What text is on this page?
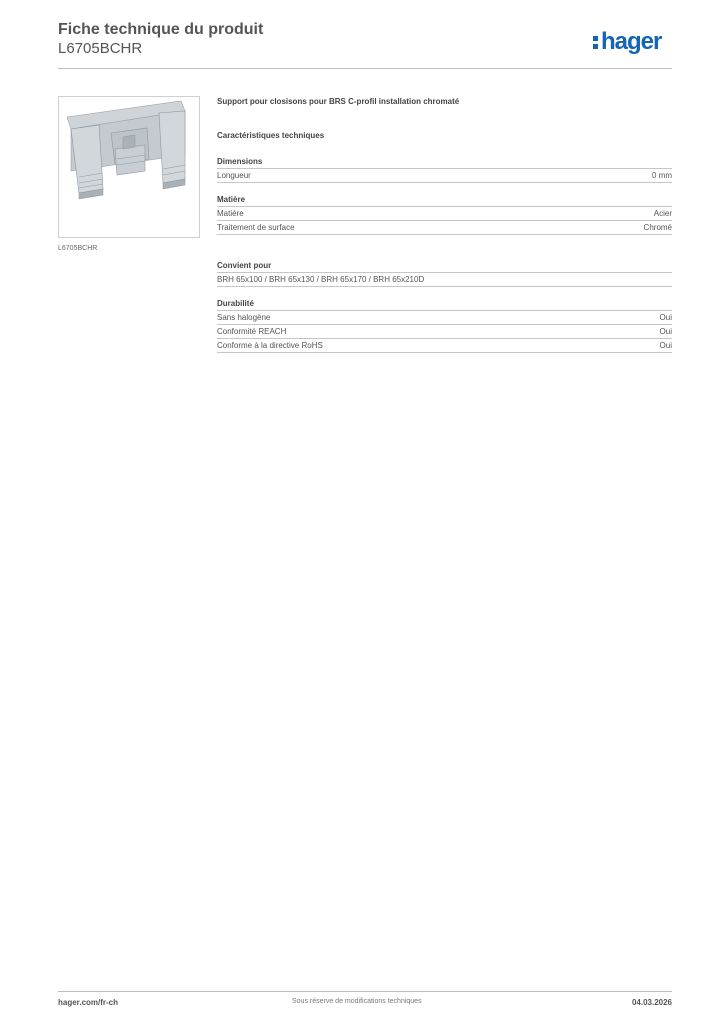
Fiche technique du produit
L6705BCHR	hager
L6705BCHR
Support pour closisons pour BRS C-profil installation chromaté
Caractéristiques techniques
Dimensions
Longueur	0 mm
Matière
Matière	Acier
Traitement de surface	Chromé
Convient pour
BRH 65x100 / BRH 65x130 / BRH 65x170 / BRH 65x210D
Durabilité
Sans halogène	Oui
Conformité REACH	Oui
Conforme à la directive RoHS	Oui
hager.com/fr-ch	Sous réserve de modifications techniques	04.03.2026
